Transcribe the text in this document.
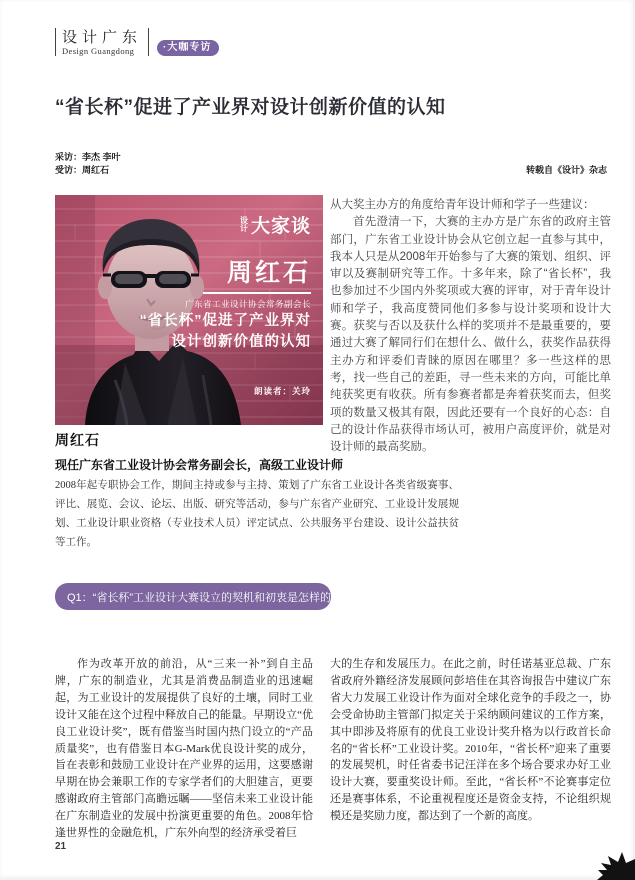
设计广东
Design Guangdong	·大咖专访
“省长杯”促进了产业界对设计创新价值的认知
采访：李杰 李叶
受访：周红石	转载自《设计》杂志
设
计 大家谈
周红石
广东省工业设计协会常务副会长
“省长杯”促进了产业界对
设计创新价值的认知
朗读者：关玲

从大奖主办方的角度给青年设计师和学子一些建议：

首先澄清一下，大赛的主办方是广东省的政府主管部门，广东省工业设计协会从它创立起一直参与其中，我本人只是从2008年开始参与了大赛的策划、组织、评审以及赛制研究等工作。十多年来，除了“省长杯”，我也参加过不少国内外奖项或大赛的评审，对于青年设计师和学子，我高度赞同他们多参与设计奖项和设计大赛。获奖与否以及获什么样的奖项并不是最重要的，要通过大赛了解同行们在想什么、做什么，获奖作品获得主办方和评委们青睐的原因在哪里？多一些这样的思考，找一些自己的差距，寻一些未来的方向，可能比单纯获奖更有收获。所有参赛者都是奔着获奖而去，但奖项的数量又极其有限，因此还要有一个良好的心态：自己的设计作品获得市场认可，被用户高度评价，就是对设计师的最高奖励。

周红石
现任广东省工业设计协会常务副会长，高级工业设计师
2008年起专职协会工作，期间主持或参与主持、策划了广东省工业设计各类省级赛事、评比、展览、会议、论坛、出版、研究等活动，参与广东省产业研究、工业设计发展规划、工业设计职业资格（专业技术人员）评定试点、公共服务平台建设、设计公益扶贫等工作。
Q1：“省长杯”工业设计大赛设立的契机和初衷是怎样的？

作为改革开放的前沿，从“三来一补”到自主品牌，广东的制造业，尤其是消费品制造业的迅速崛起，为工业设计的发展提供了良好的土壤，同时工业设计又能在这个过程中释放自己的能量。早期设立“优良工业设计奖”，既有借鉴当时国内热门设立的“产品质量奖”，也有借鉴日本G-Mark优良设计奖的成分，旨在表彰和鼓励工业设计在产业界的运用，这要感谢早期在协会兼职工作的专家学者们的大胆建言，更要感谢政府主管部门高瞻远瞩——坚信未来工业设计能在广东制造业的发展中扮演更重要的角色。2008年恰逢世界性的金融危机，广东外向型的经济承受着巨

大的生存和发展压力。在此之前，时任诺基亚总裁、广东省政府外籍经济发展顾问彭培佳在其咨询报告中建议广东省大力发展工业设计作为面对全球化竞争的手段之一，协会受命协助主管部门拟定关于采纳顾问建议的工作方案，其中即涉及将原有的优良工业设计奖升格为以行政首长命名的“省长杯”工业设计奖。2010年，“省长杯”迎来了重要的发展契机，时任省委书记汪洋在多个场合要求办好工业设计大赛，要重奖设计师。至此，“省长杯”不论赛事定位还是赛事体系，不论重视程度还是资金支持，不论组织规模还是奖励力度，都达到了一个新的高度。

21
